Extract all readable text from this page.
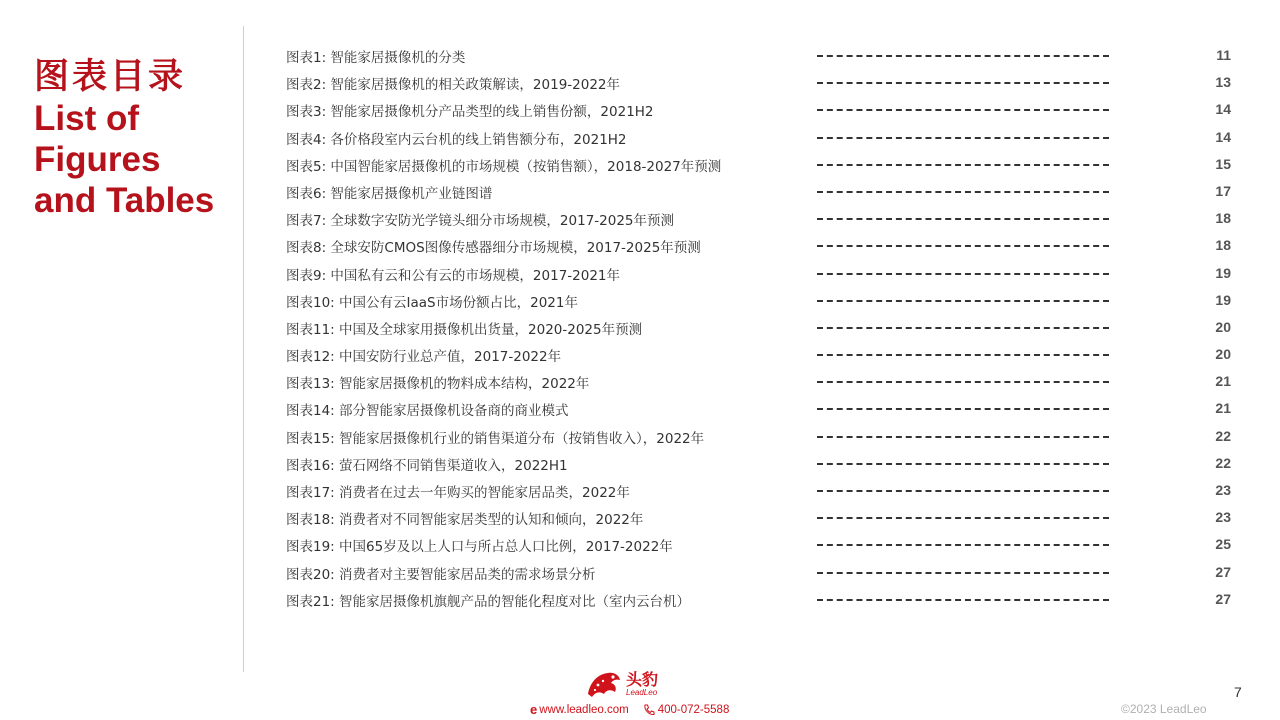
图表目录
List of
Figures
and Tables
图表1: 智能家居摄像机的分类	11
图表2: 智能家居摄像机的相关政策解读，2019-2022年	13
图表3: 智能家居摄像机分产品类型的线上销售份额，2021H2	14
图表4: 各价格段室内云台机的线上销售额分布，2021H2	14
图表5: 中国智能家居摄像机的市场规模（按销售额），2018-2027年预测	15
图表6: 智能家居摄像机产业链图谱	17
图表7: 全球数字安防光学镜头细分市场规模，2017-2025年预测	18
图表8: 全球安防CMOS图像传感器细分市场规模，2017-2025年预测	18
图表9: 中国私有云和公有云的市场规模，2017-2021年	19
图表10: 中国公有云IaaS市场份额占比，2021年	19
图表11: 中国及全球家用摄像机出货量，2020-2025年预测	20
图表12: 中国安防行业总产值，2017-2022年	20
图表13: 智能家居摄像机的物料成本结构，2022年	21
图表14: 部分智能家居摄像机设备商的商业模式	21
图表15: 智能家居摄像机行业的销售渠道分布（按销售收入），2022年	22
图表16: 萤石网络不同销售渠道收入，2022H1	22
图表17: 消费者在过去一年购买的智能家居品类，2022年	23
图表18: 消费者对不同智能家居类型的认知和倾向，2022年	23
图表19: 中国65岁及以上人口与所占总人口比例，2017-2022年	25
图表20: 消费者对主要智能家居品类的需求场景分析	27
图表21: 智能家居摄像机旗舰产品的智能化程度对比（室内云台机）	27
头豹
LeadLeo
e www.leadleo.com	400-072-5588
7
©2023 LeadLeo
